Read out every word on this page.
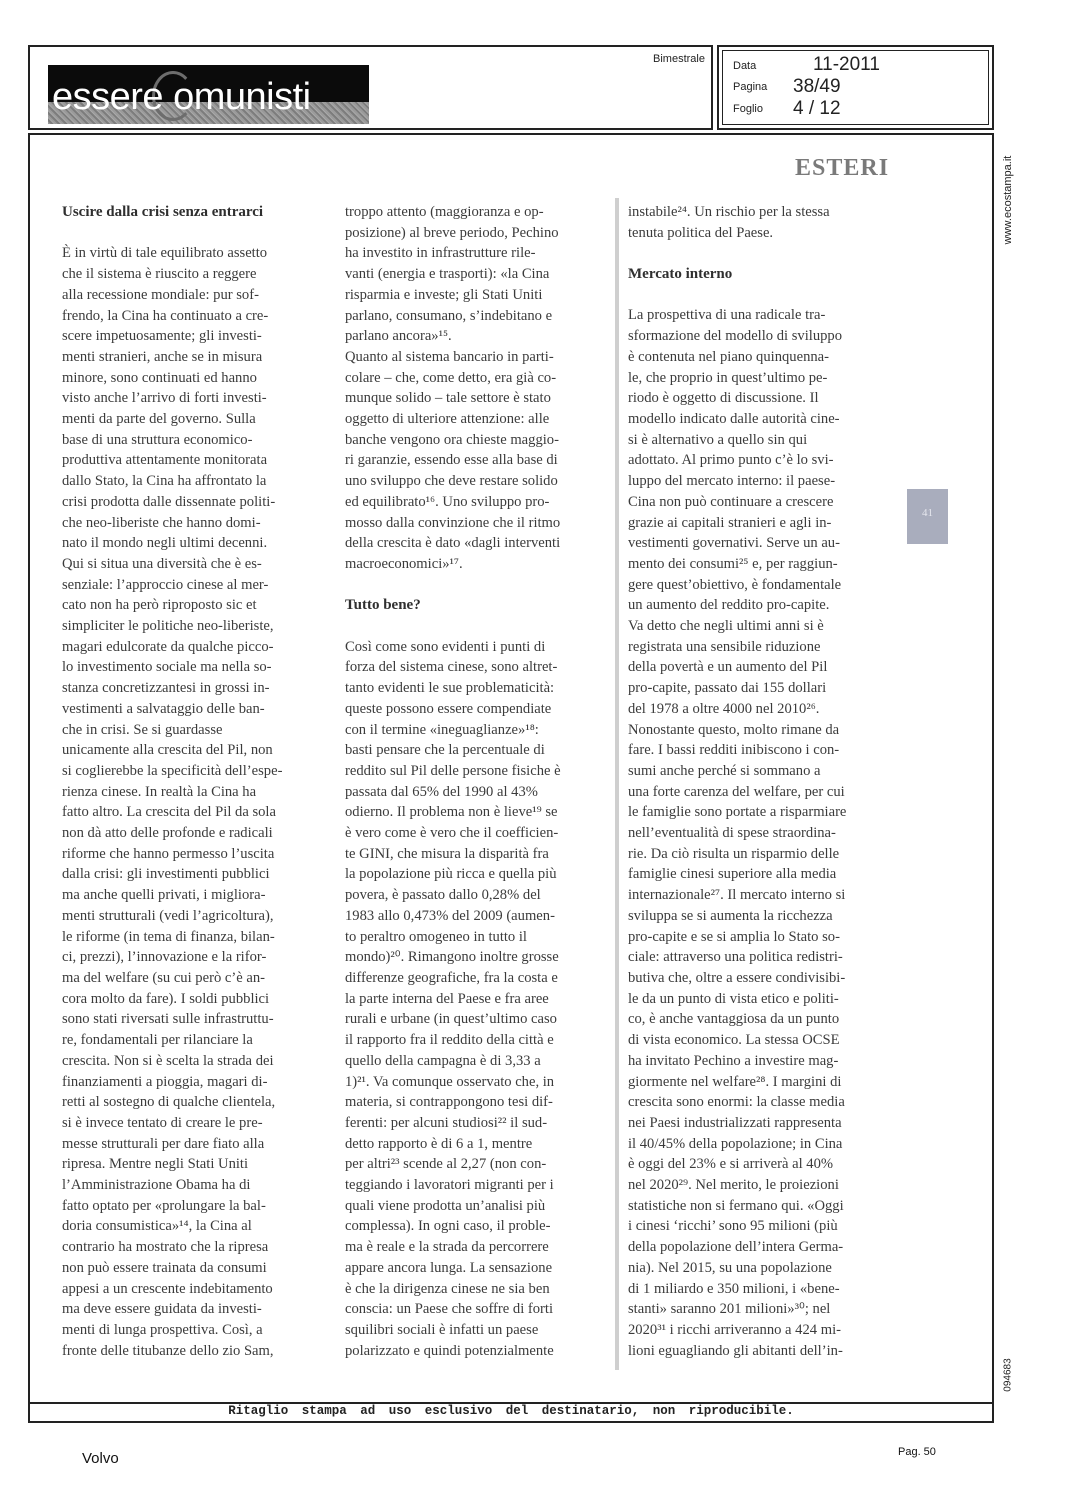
essere omunisti
Bimestrale
Data	11-2011
Pagina 38/49
Foglio 4 / 12
Ritaglio stampa ad uso esclusivo del destinatario, non riproducibile.
www.ecostampa.it
094683
ESTERI
41
Uscire dalla crisi senza entrarci
È in virtù di tale equilibrato assetto
che il sistema è riuscito a reggere
alla recessione mondiale: pur sof-
frendo, la Cina ha continuato a cre-
scere impetuosamente; gli investi-
menti stranieri, anche se in misura
minore, sono continuati ed hanno
visto anche l’arrivo di forti investi-
menti da parte del governo. Sulla
base di una struttura economico-
produttiva attentamente monitorata
dallo Stato, la Cina ha affrontato la
crisi prodotta dalle dissennate politi-
che neo-liberiste che hanno domi-
nato il mondo negli ultimi decenni.
Qui si situa una diversità che è es-
senziale: l’approccio cinese al mer-
cato non ha però riproposto sic et
simpliciter le politiche neo-liberiste,
magari edulcorate da qualche picco-
lo investimento sociale ma nella so-
stanza concretizzantesi in grossi in-
vestimenti a salvataggio delle ban-
che in crisi. Se si guardasse
unicamente alla crescita del Pil, non
si coglierebbe la specificità dell’espe-
rienza cinese. In realtà la Cina ha
fatto altro. La crescita del Pil da sola
non dà atto delle profonde e radicali
riforme che hanno permesso l’uscita
dalla crisi: gli investimenti pubblici
ma anche quelli privati, i migliora-
menti strutturali (vedi l’agricoltura),
le riforme (in tema di finanza, bilan-
ci, prezzi), l’innovazione e la rifor-
ma del welfare (su cui però c’è an-
cora molto da fare). I soldi pubblici
sono stati riversati sulle infrastruttu-
re, fondamentali per rilanciare la
crescita. Non si è scelta la strada dei
finanziamenti a pioggia, magari di-
retti al sostegno di qualche clientela,
si è invece tentato di creare le pre-
messe strutturali per dare fiato alla
ripresa. Mentre negli Stati Uniti
l’Amministrazione Obama ha di
fatto optato per «prolungare la bal-
doria consumistica»¹⁴, la Cina al
contrario ha mostrato che la ripresa
non può essere trainata da consumi
appesi a un crescente indebitamento
ma deve essere guidata da investi-
menti di lunga prospettiva. Così, a
fronte delle titubanze dello zio Sam,
troppo attento (maggioranza e op-
posizione) al breve periodo, Pechino
ha investito in infrastrutture rile-
vanti (energia e trasporti): «la Cina
risparmia e investe; gli Stati Uniti
parlano, consumano, s’indebitano e
parlano ancora»¹⁵.
Quanto al sistema bancario in parti-
colare – che, come detto, era già co-
munque solido – tale settore è stato
oggetto di ulteriore attenzione: alle
banche vengono ora chieste maggio-
ri garanzie, essendo esse alla base di
uno sviluppo che deve restare solido
ed equilibrato¹⁶. Uno sviluppo pro-
mosso dalla convinzione che il ritmo
della crescita è dato «dagli interventi
macroeconomici»¹⁷.
Tutto bene?
Così come sono evidenti i punti di
forza del sistema cinese, sono altret-
tanto evidenti le sue problematicità:
queste possono essere compendiate
con il termine «ineguaglianze»¹⁸:
basti pensare che la percentuale di
reddito sul Pil delle persone fisiche è
passata dal 65% del 1990 al 43%
odierno. Il problema non è lieve¹⁹ se
è vero come è vero che il coefficien-
te GINI, che misura la disparità fra
la popolazione più ricca e quella più
povera, è passato dallo 0,28% del
1983 allo 0,473% del 2009 (aumen-
to peraltro omogeneo in tutto il
mondo)²⁰. Rimangono inoltre grosse
differenze geografiche, fra la costa e
la parte interna del Paese e fra aree
rurali e urbane (in quest’ultimo caso
il rapporto fra il reddito della città e
quello della campagna è di 3,33 a
1)²¹. Va comunque osservato che, in
materia, si contrappongono tesi dif-
ferenti: per alcuni studiosi²² il sud-
detto rapporto è di 6 a 1, mentre
per altri²³ scende al 2,27 (non con-
teggiando i lavoratori migranti per i
quali viene prodotta un’analisi più
complessa). In ogni caso, il proble-
ma è reale e la strada da percorrere
appare ancora lunga. La sensazione
è che la dirigenza cinese ne sia ben
conscia: un Paese che soffre di forti
squilibri sociali è infatti un paese
polarizzato e quindi potenzialmente
instabile²⁴. Un rischio per la stessa
tenuta politica del Paese.
Mercato interno
La prospettiva di una radicale tra-
sformazione del modello di sviluppo
è contenuta nel piano quinquenna-
le, che proprio in quest’ultimo pe-
riodo è oggetto di discussione. Il
modello indicato dalle autorità cine-
si è alternativo a quello sin qui
adottato. Al primo punto c’è lo svi-
luppo del mercato interno: il paese-
Cina non può continuare a crescere
grazie ai capitali stranieri e agli in-
vestimenti governativi. Serve un au-
mento dei consumi²⁵ e, per raggiun-
gere quest’obiettivo, è fondamentale
un aumento del reddito pro-capite.
Va detto che negli ultimi anni si è
registrata una sensibile riduzione
della povertà e un aumento del Pil
pro-capite, passato dai 155 dollari
del 1978 a oltre 4000 nel 2010²⁶.
Nonostante questo, molto rimane da
fare. I bassi redditi inibiscono i con-
sumi anche perché si sommano a
una forte carenza del welfare, per cui
le famiglie sono portate a risparmiare
nell’eventualità di spese straordina-
rie. Da ciò risulta un risparmio delle
famiglie cinesi superiore alla media
internazionale²⁷. Il mercato interno si
sviluppa se si aumenta la ricchezza
pro-capite e se si amplia lo Stato so-
ciale: attraverso una politica redistri-
butiva che, oltre a essere condivisibi-
le da un punto di vista etico e politi-
co, è anche vantaggiosa da un punto
di vista economico. La stessa OCSE
ha invitato Pechino a investire mag-
giormente nel welfare²⁸. I margini di
crescita sono enormi: la classe media
nei Paesi industrializzati rappresenta
il 40/45% della popolazione; in Cina
è oggi del 23% e si arriverà al 40%
nel 2020²⁹. Nel merito, le proiezioni
statistiche non si fermano qui. «Oggi
i cinesi ‘ricchi’ sono 95 milioni (più
della popolazione dell’intera Germa-
nia). Nel 2015, su una popolazione
di 1 miliardo e 350 milioni, i «bene-
stanti» saranno 201 milioni»³⁰; nel
2020³¹ i ricchi arriveranno a 424 mi-
lioni eguagliando gli abitanti dell’in-
Volvo	Pag. 50
